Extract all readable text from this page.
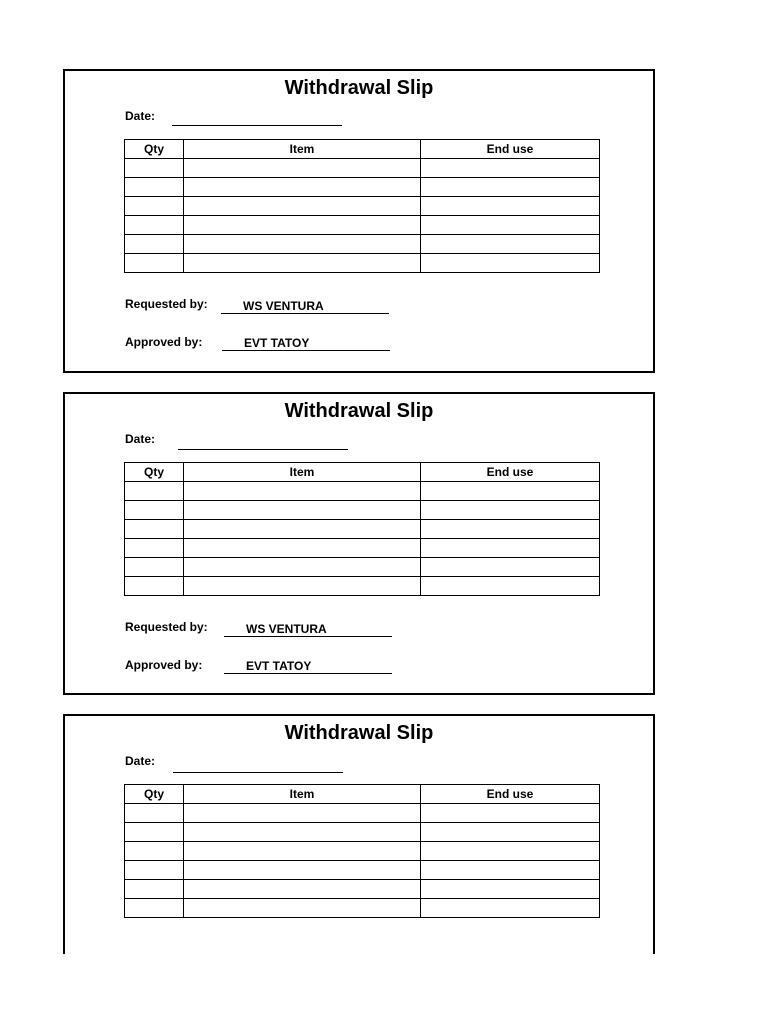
Withdrawal Slip
Date:
Qty	Item	End use

Requested by:	WS VENTURA
Approved by:	EVT TATOY
Withdrawal Slip
Date:
Qty	Item	End use

Requested by:	WS VENTURA
Approved by:	EVT TATOY
Withdrawal Slip
Date:
Qty	Item	End use
